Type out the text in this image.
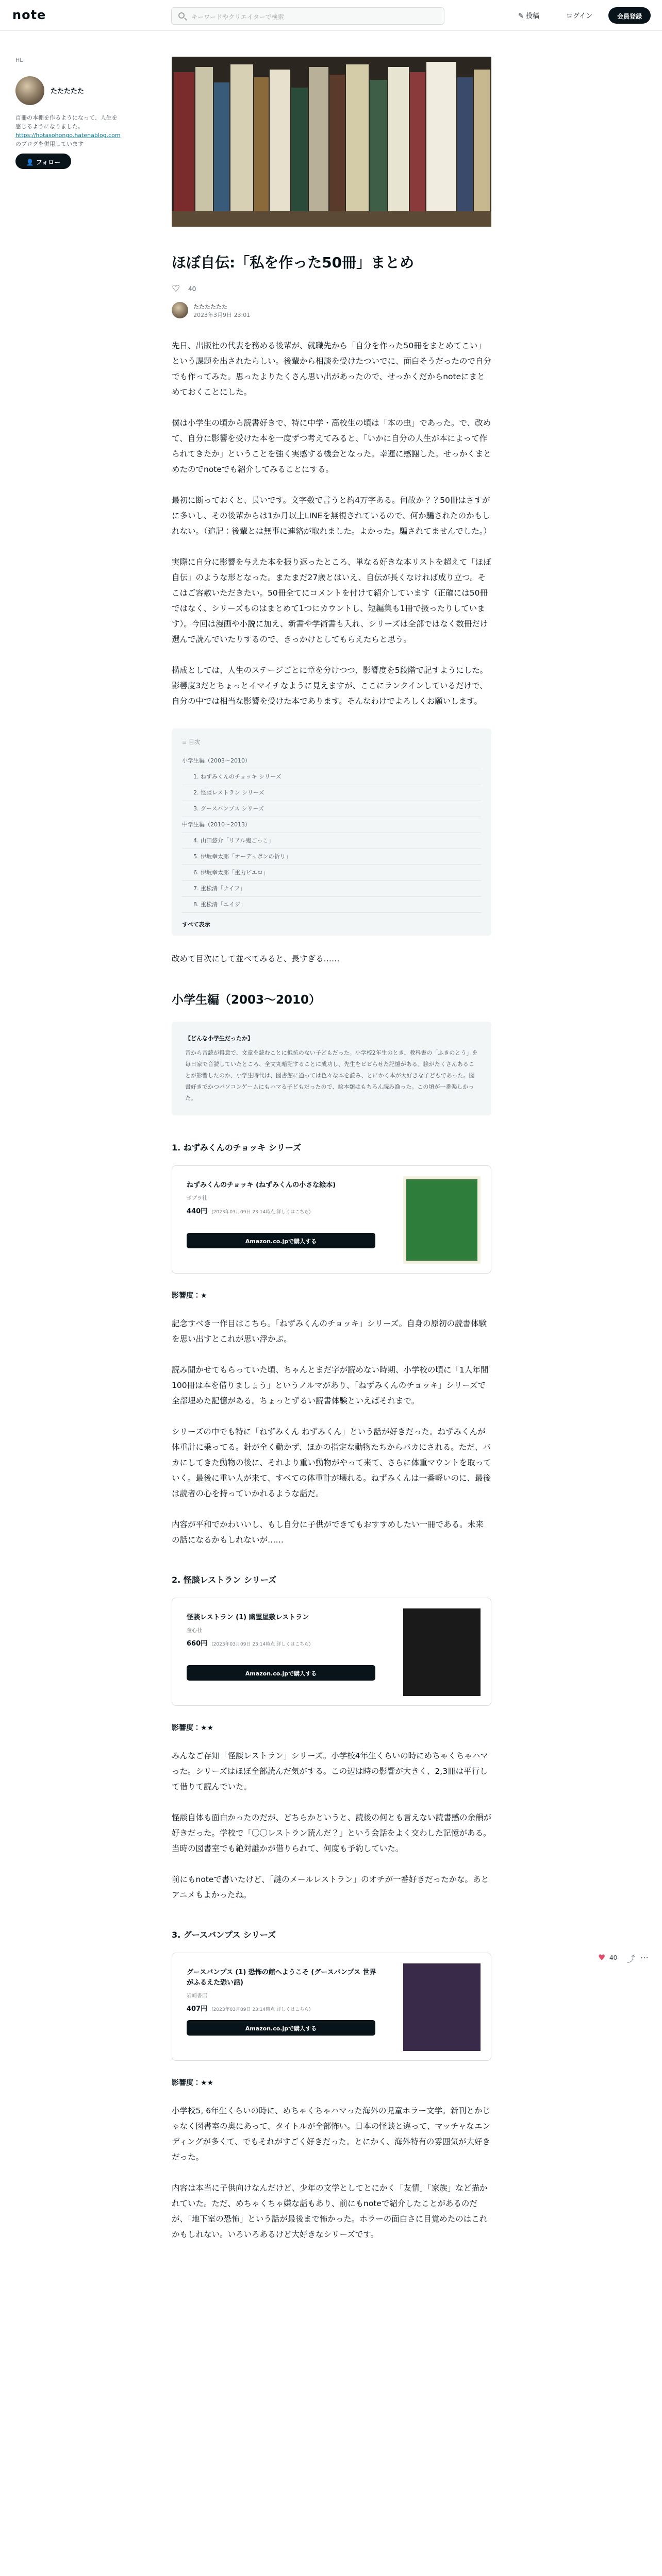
note	キーワードやクリエイターで検索	✎ 投稿	ログイン	会員登録
HL
たたたたた
百冊の本棚を作るようになって、人生を感じるようになりました。
https://hotasohongo.hatenablog.com
のブログを併用しています
👤 フォロー
ほぼ自伝:「私を作った50冊」まとめ
♡ 40
たたたたたた
2023年3月9日 23:01

先日、出版社の代表を務める後輩が、就職先から「自分を作った50冊をまとめてこい」という課題を出されたらしい。後輩から相談を受けたついでに、面白そうだったので自分でも作ってみた。思ったよりたくさん思い出があったので、せっかくだからnoteにまとめておくことにした。

僕は小学生の頃から読書好きで、特に中学・高校生の頃は「本の虫」であった。で、改めて、自分に影響を受けた本を一度ずつ考えてみると、「いかに自分の人生が本によって作られてきたか」ということを強く実感する機会となった。幸運に感謝した。せっかくまとめたのでnoteでも紹介してみることにする。

最初に断っておくと、長いです。文字数で言うと約4万字ある。何故か？？50冊はさすがに多いし、その後輩からは1か月以上LINEを無視されているので、何か騙されたのかもしれない。（追記：後輩とは無事に連絡が取れました。よかった。騙されてませんでした。）

実際に自分に影響を与えた本を振り返ったところ、単なる好きな本リストを超えて「ほぼ自伝」のような形となった。またまだ27歳とはいえ、自伝が長くなければ成り立つ。そこはご容赦いただきたい。50冊全てにコメントを付けて紹介しています（正確には50冊ではなく、シリーズものはまとめて1つにカウントし、短編集も1冊で扱ったりしています）。今回は漫画や小説に加え、新書や学術書も入れ、シリーズは全部ではなく数冊だけ選んで読んでいたりするので、きっかけとしてもらえたらと思う。

構成としては、人生のステージごとに章を分けつつ、影響度を5段階で記すようにした。影響度3だとちょっとイマイチなように見えますが、ここにランクインしているだけで、自分の中では相当な影響を受けた本であります。そんなわけでよろしくお願いします。

≡ 目次
小学生編（2003〜2010）
1. ねずみくんのチョッキ シリーズ
2. 怪談レストラン シリーズ
3. グースバンプス シリーズ
中学生編（2010〜2013）
4. 山田悠介「リアル鬼ごっこ」
5. 伊坂幸太郎「オーデュボンの祈り」
6. 伊坂幸太郎「重力ピエロ」
7. 重松清「ナイフ」
8. 重松清「エイジ」
すべて表示

改めて目次にして並べてみると、長すぎる……

小学生編（2003〜2010）
【どんな小学生だったか】
昔から音読が得意で、文章を読むことに抵抗のない子どもだった。小学校2年生のとき、教科書の「ふきのとう」を毎日家で音読していたところ、全文丸暗記することに成功し、先生をビビらせた記憶がある。絵がたくさんあることが影響したのか、小学生時代は、図書館に通っては色々な本を読み、とにかく本が大好きな子どもであった。図書好きでかつパソコンゲームにもハマる子どもだったので、絵本類はもちろん読み漁った。この頃が一番楽しかった。
1. ねずみくんのチョッキ シリーズ
ねずみくんのチョッキ (ねずみくんの小さな絵本)
ポプラ社
440円 (2023年03月09日 23:14時点 詳しくはこちら)
Amazon.co.jpで購入する
影響度：★

記念すべき一作目はこちら。「ねずみくんのチョッキ」シリーズ。自身の原初の読書体験を思い出すとこれが思い浮かぶ。

読み聞かせてもらっていた頃、ちゃんとまだ字が読めない時期、小学校の頃に「1人年間100冊は本を借りましょう」というノルマがあり、「ねずみくんのチョッキ」シリーズで全部埋めた記憶がある。ちょっとずるい読書体験といえばそれまで。

シリーズの中でも特に「ねずみくん ねずみくん」という話が好きだった。ねずみくんが体重計に乗ってる。針が全く動かず、ほかの指定な動物たちからバカにされる。ただ、バカにしてきた動物の後に、それより重い動物がやって来て、さらに体重マウントを取っていく。最後に重い人が来て、すべての体重計が壊れる。ねずみくんは一番軽いのに、最後は読者の心を持っていかれるような話だ。

内容が平和でかわいいし、もし自分に子供ができてもおすすめしたい一冊である。未来の話になるかもしれないが……

2. 怪談レストラン シリーズ
怪談レストラン (1) 幽霊屋敷レストラン
童心社
660円 (2023年03月09日 23:14時点 詳しくはこちら)
Amazon.co.jpで購入する
影響度：★★

みんなご存知「怪談レストラン」シリーズ。小学校4年生くらいの時にめちゃくちゃハマった。シリーズはほぼ全部読んだ気がする。この辺は時の影響が大きく、2,3冊は平行して借りて読んでいた。

怪談自体も面白かったのだが、どちらかというと、読後の何とも言えない読書感の余韻が好きだった。学校で「〇〇レストラン読んだ？」という会話をよく交わした記憶がある。当時の図書室でも絶対誰かが借りられて、何度も予約していた。

前にもnoteで書いたけど、「謎のメールレストラン」のオチが一番好きだったかな。あとアニメもよかったね。

3. グースバンプス シリーズ
グースバンプス (1) 恐怖の館へようこそ (グースバンプス 世界がふるえた恐い話)
岩崎書店
407円 (2023年03月09日 23:14時点 詳しくはこちら)
Amazon.co.jpで購入する
影響度：★★

小学校5, 6年生くらいの時に、めちゃくちゃハマった海外の児童ホラー文学。新刊とかじゃなく図書室の奥にあって、タイトルが全部怖い。日本の怪談と違って、マッチャなエンディングが多くて、でもそれがすごく好きだった。とにかく、海外特有の雰囲気が大好きだった。

内容は本当に子供向けなんだけど、少年の文学としてとにかく「友情」「家族」など描かれていた。ただ、めちゃくちゃ嫌な話もあり、前にもnoteで紹介したことがあるのだが、「地下室の恐怖」という話が最後まで怖かった。ホラーの面白さに目覚めたのはこれかもしれない。いろいろあるけど大好きなシリーズです。

♥ 40 ⤴ ⋯
